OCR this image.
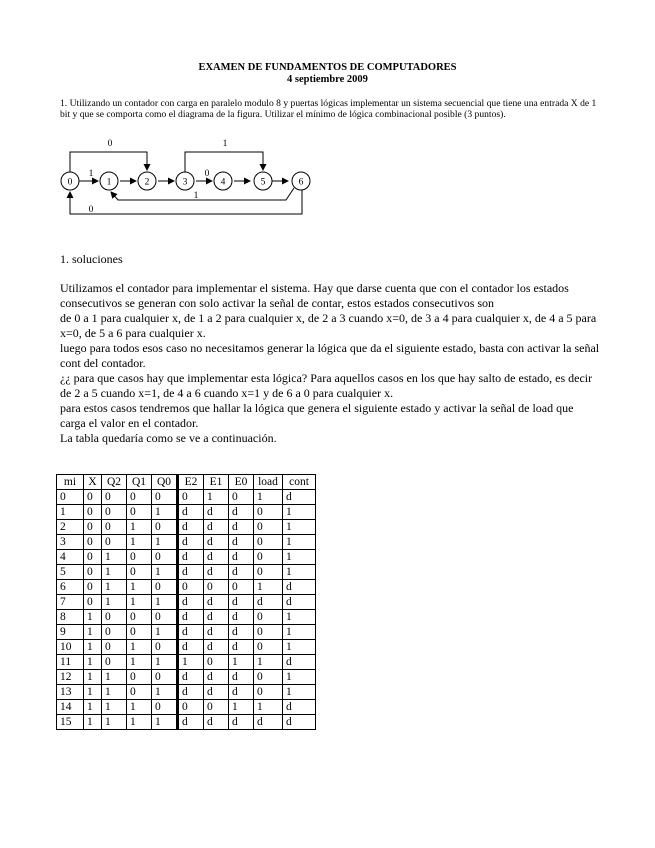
EXAMEN DE FUNDAMENTOS DE COMPUTADORES
4 septiembre 2009
1. Utilizando un contador con carga en paralelo modulo 8 y puertas lógicas implementar un sistema secuencial que tiene una entrada X de 1 bit y que se comporta como el diagrama de la figura. Utilizar el mínimo de lógica combinacional posible (3 puntos).
0	1	2	3	4	5	6
0
1
1
0
1
0
1. soluciones

Utilizamos el contador para implementar el sistema. Hay que darse cuenta que con el contador los estados consecutivos se generan con solo activar la señal de contar, estos estados consecutivos son

de 0 a 1 para cualquier x, de 1 a 2 para cualquier x, de 2 a 3 cuando x=0, de 3 a 4 para cualquier x, de 4 a 5 para x=0, de 5 a 6 para cualquier x.

luego para todos esos caso no necesitamos generar la lógica que da el siguiente estado, basta con activar la señal cont del contador.

¿¿ para que casos hay que implementar esta lógica? Para aquellos casos en los que hay salto de estado, es decir

de 2 a 5 cuando x=1, de 4 a 6 cuando x=1 y de 6 a 0 para cualquier x.

para estos casos tendremos que hallar la lógica que genera el siguiente estado y activar la señal de load que carga el valor en el contador.

La tabla quedaría como se ve a continuación.

mi	X	Q2	Q1	Q0	E2	E1	E0	load	cont
0	0	0	0	0	0	1	0	1	d
1	0	0	0	1	d	d	d	0	1
2	0	0	1	0	d	d	d	0	1
3	0	0	1	1	d	d	d	0	1
4	0	1	0	0	d	d	d	0	1
5	0	1	0	1	d	d	d	0	1
6	0	1	1	0	0	0	0	1	d
7	0	1	1	1	d	d	d	d	d
8	1	0	0	0	d	d	d	0	1
9	1	0	0	1	d	d	d	0	1
10	1	0	1	0	d	d	d	0	1
11	1	0	1	1	1	0	1	1	d
12	1	1	0	0	d	d	d	0	1
13	1	1	0	1	d	d	d	0	1
14	1	1	1	0	0	0	1	1	d
15	1	1	1	1	d	d	d	d	d
